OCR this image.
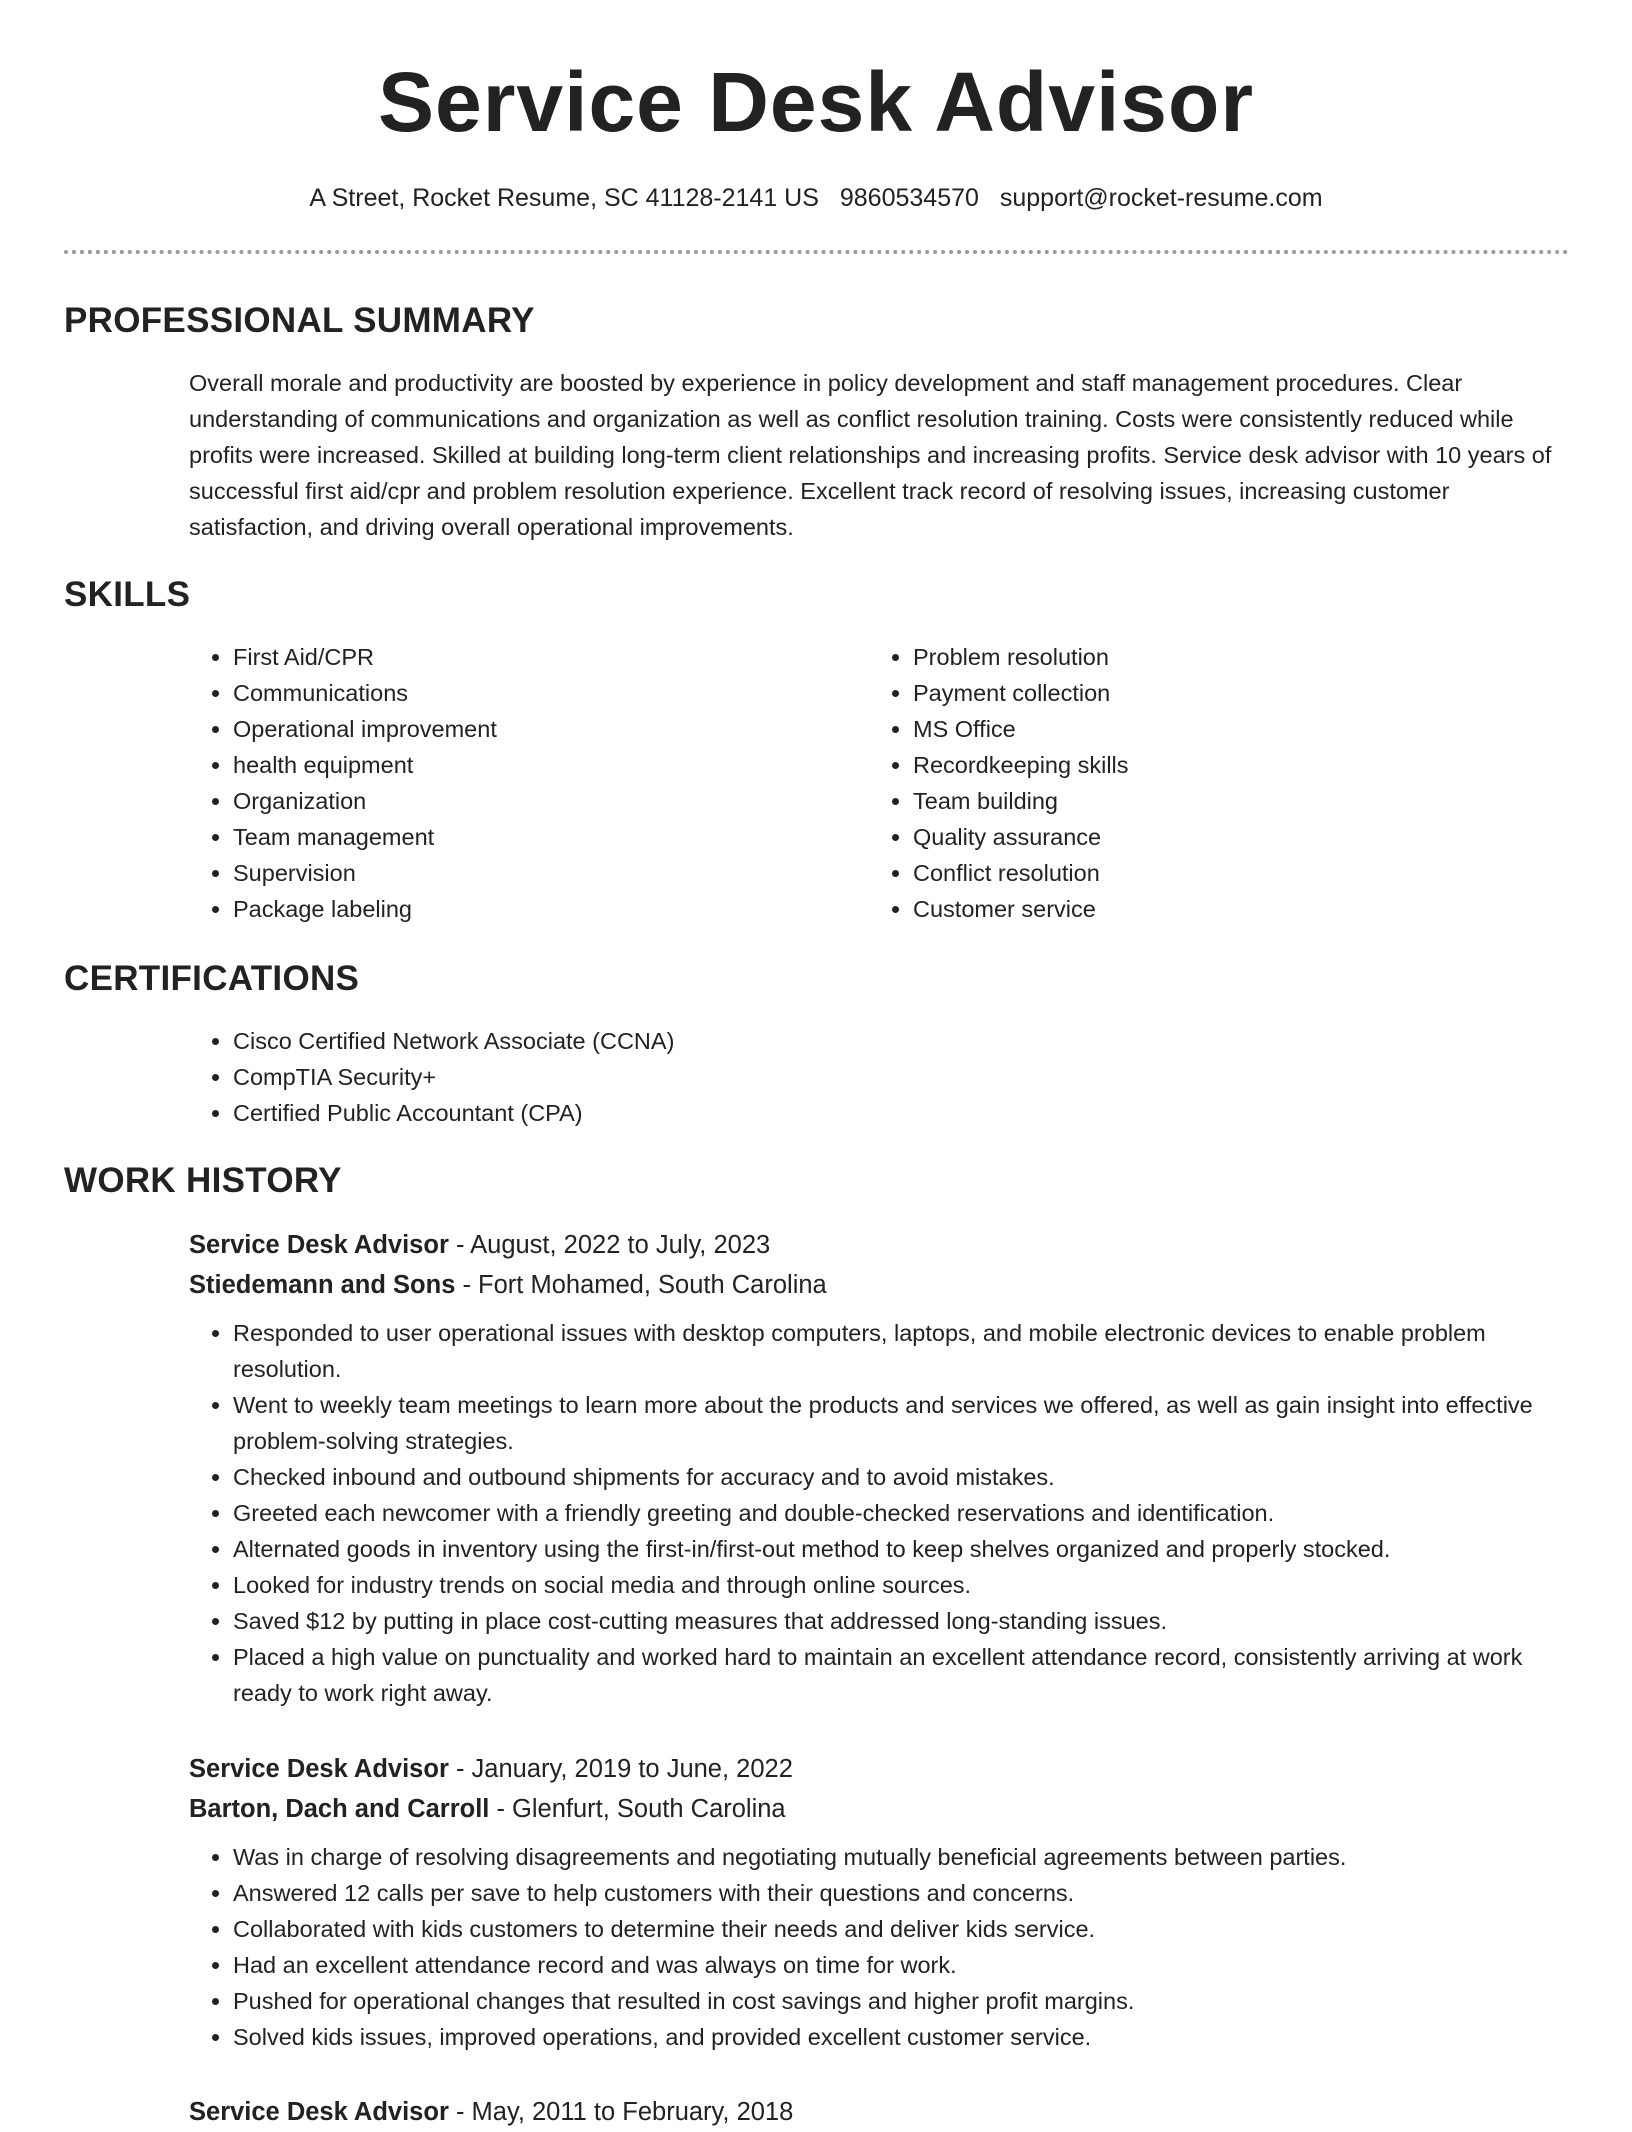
Service Desk Advisor
A Street, Rocket Resume, SC 41128-2141 US 9860534570 support@rocket-resume.com
PROFESSIONAL SUMMARY

Overall morale and productivity are boosted by experience in policy development and staff management procedures. Clear understanding of communications and organization as well as conflict resolution training. Costs were consistently reduced while profits were increased. Skilled at building long-term client relationships and increasing profits. Service desk advisor with 10 years of successful first aid/cpr and problem resolution experience. Excellent track record of resolving issues, increasing customer satisfaction, and driving overall operational improvements.

SKILLS
• First Aid/CPR
• Communications
• Operational improvement
• health equipment
• Organization
• Team management
• Supervision
• Package labeling
• Problem resolution
• Payment collection
• MS Office
• Recordkeeping skills
• Team building
• Quality assurance
• Conflict resolution
• Customer service
CERTIFICATIONS
• Cisco Certified Network Associate (CCNA)
• CompTIA Security+
• Certified Public Accountant (CPA)
WORK HISTORY
Service Desk Advisor - August, 2022 to July, 2023
Stiedemann and Sons - Fort Mohamed, South Carolina
• Responded to user operational issues with desktop computers, laptops, and mobile electronic devices to enable problem resolution.
• Went to weekly team meetings to learn more about the products and services we offered, as well as gain insight into effective problem-solving strategies.
• Checked inbound and outbound shipments for accuracy and to avoid mistakes.
• Greeted each newcomer with a friendly greeting and double-checked reservations and identification.
• Alternated goods in inventory using the first-in/first-out method to keep shelves organized and properly stocked.
• Looked for industry trends on social media and through online sources.
• Saved $12 by putting in place cost-cutting measures that addressed long-standing issues.
• Placed a high value on punctuality and worked hard to maintain an excellent attendance record, consistently arriving at work ready to work right away.
Service Desk Advisor - January, 2019 to June, 2022
Barton, Dach and Carroll - Glenfurt, South Carolina
• Was in charge of resolving disagreements and negotiating mutually beneficial agreements between parties.
• Answered 12 calls per save to help customers with their questions and concerns.
• Collaborated with kids customers to determine their needs and deliver kids service.
• Had an excellent attendance record and was always on time for work.
• Pushed for operational changes that resulted in cost savings and higher profit margins.
• Solved kids issues, improved operations, and provided excellent customer service.
Service Desk Advisor - May, 2011 to February, 2018
